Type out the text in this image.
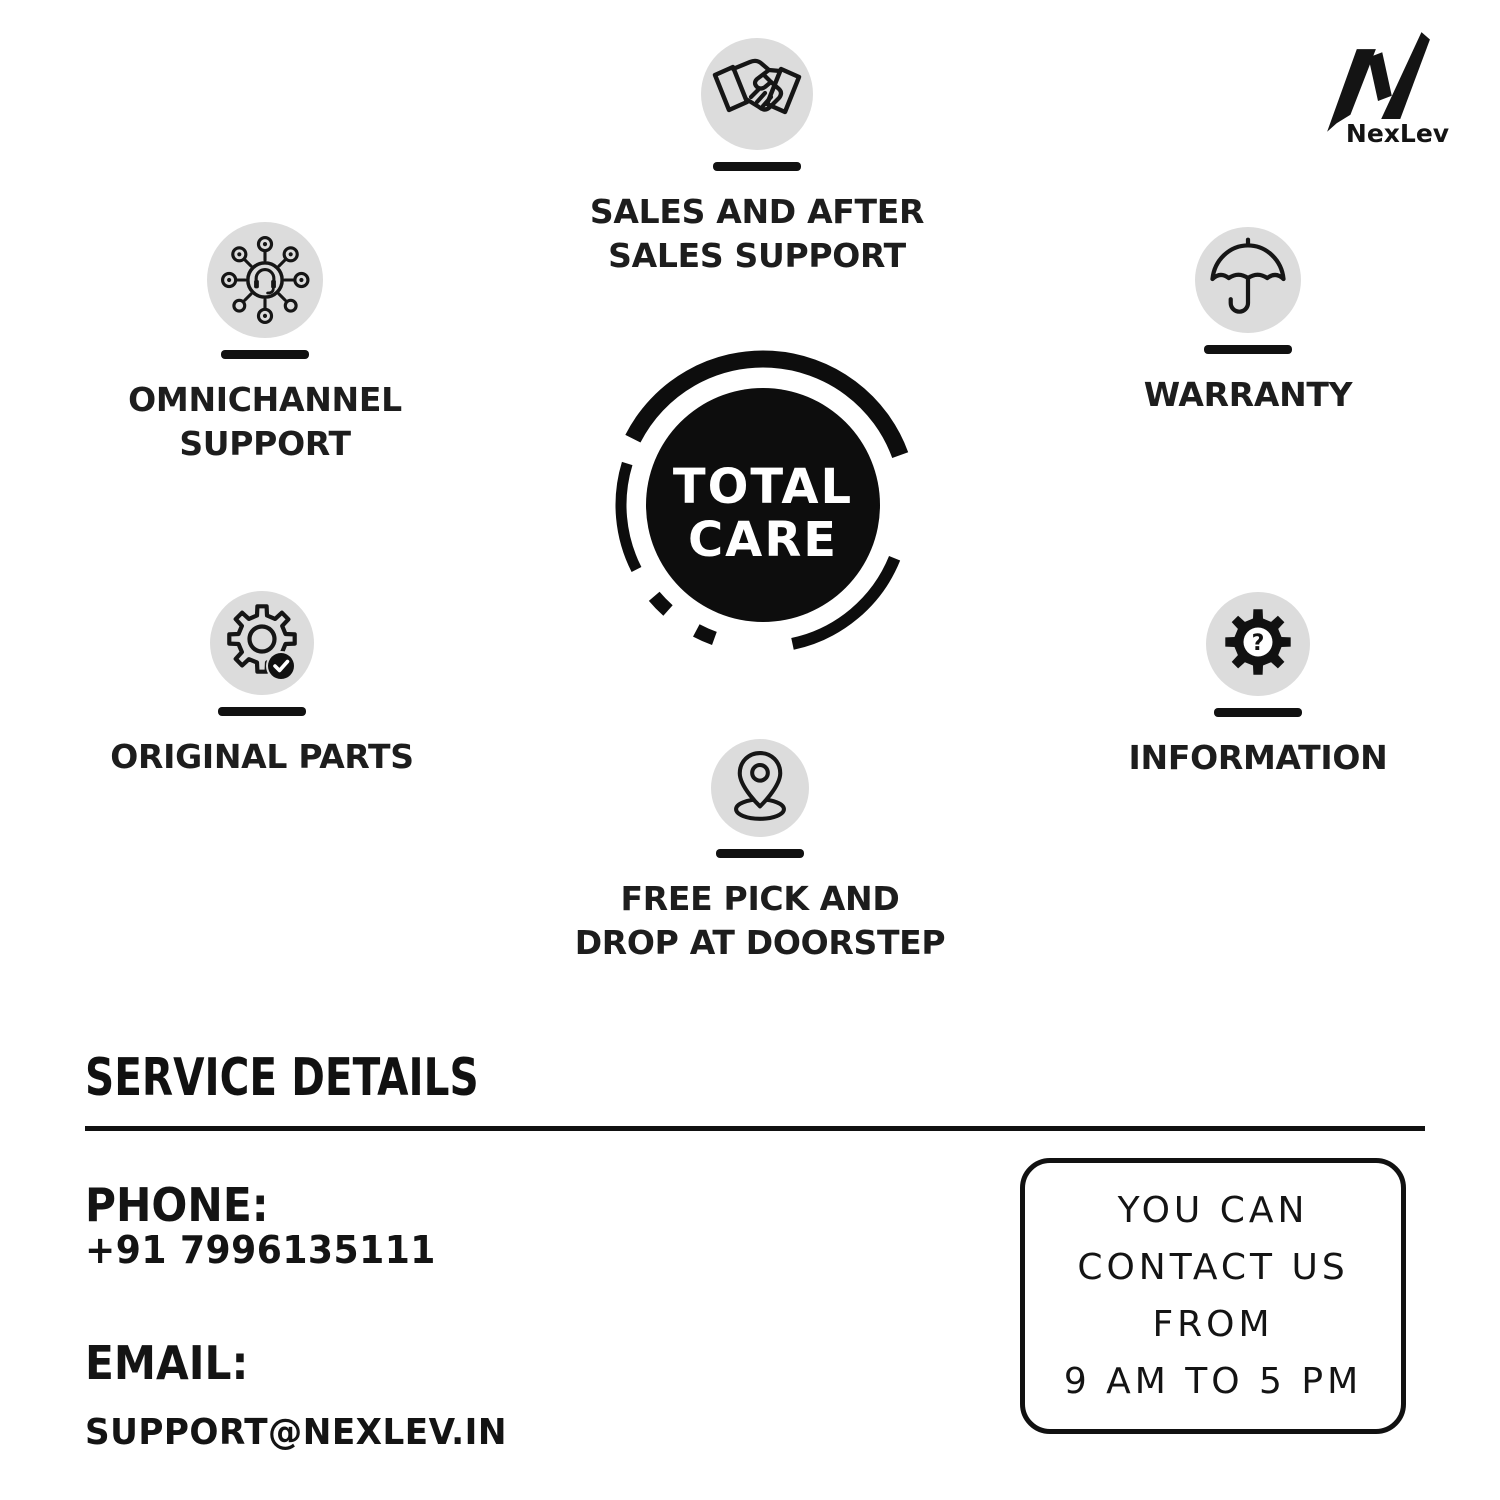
NexLev
SALES AND AFTER
SALES SUPPORT
OMNICHANNEL
SUPPORT
WARRANTY
ORIGINAL PARTS
?
INFORMATION
FREE PICK AND
DROP AT DOORSTEP
TOTAL
CARE
SERVICE DETAILS
PHONE:
+91 7996135111
EMAIL:
SUPPORT@NEXLEV.IN
YOU CAN
CONTACT US
FROM
9 AM TO 5 PM
